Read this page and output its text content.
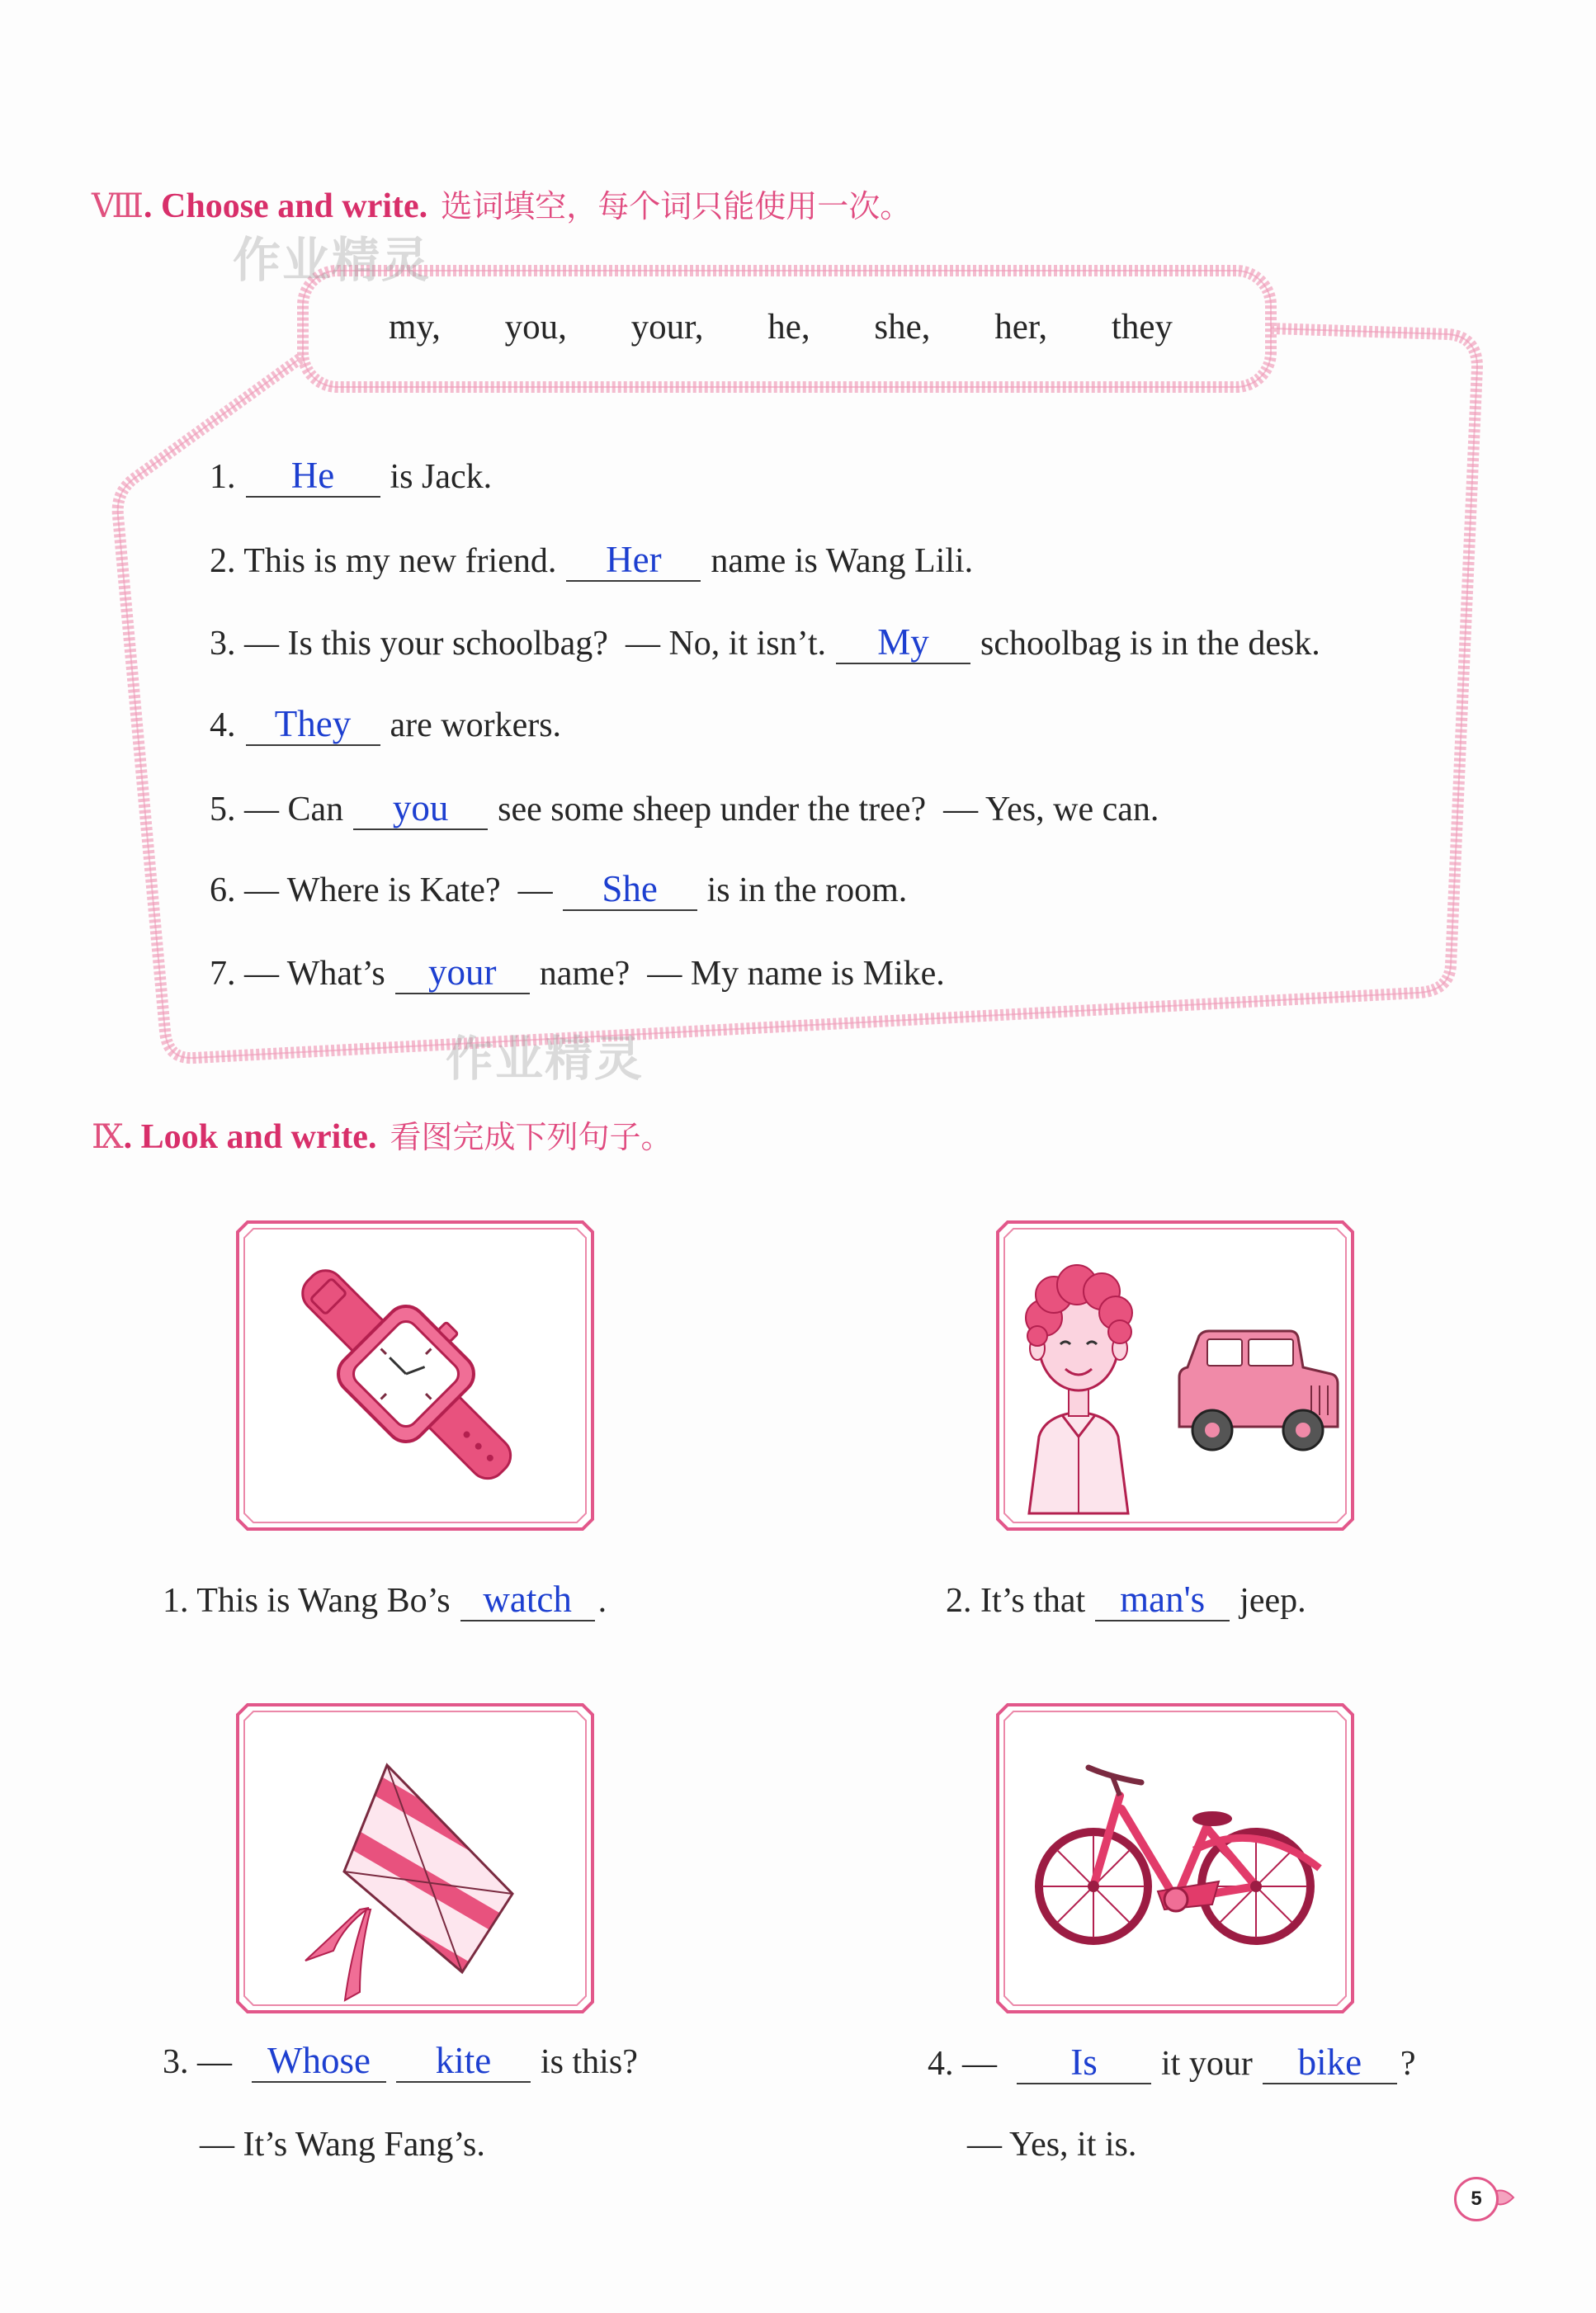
作业精灵
作业精灵
Ⅷ. Choose and write. 选词填空，每个词只能使用一次。
my, you, your, he, she, her, they
1. He is Jack.
2. This is my new friend. Her name is Wang Lili.
3. — Is this your schoolbag?  — No, it isn’t. My schoolbag is in the desk.
4. They are workers.
5. — Can you see some sheep under the tree?  — Yes, we can.
6. — Where is Kate?  — She is in the room.
7. — What’s your name?  — My name is Mike.
Ⅸ. Look and write. 看图完成下列句子。
1. This is Wang Bo’s watch .	2. It’s that man's jeep.
3. — Whose kite is this?
— It’s Wang Fang’s.
4. — Is it your bike ?
— Yes, it is.
5
